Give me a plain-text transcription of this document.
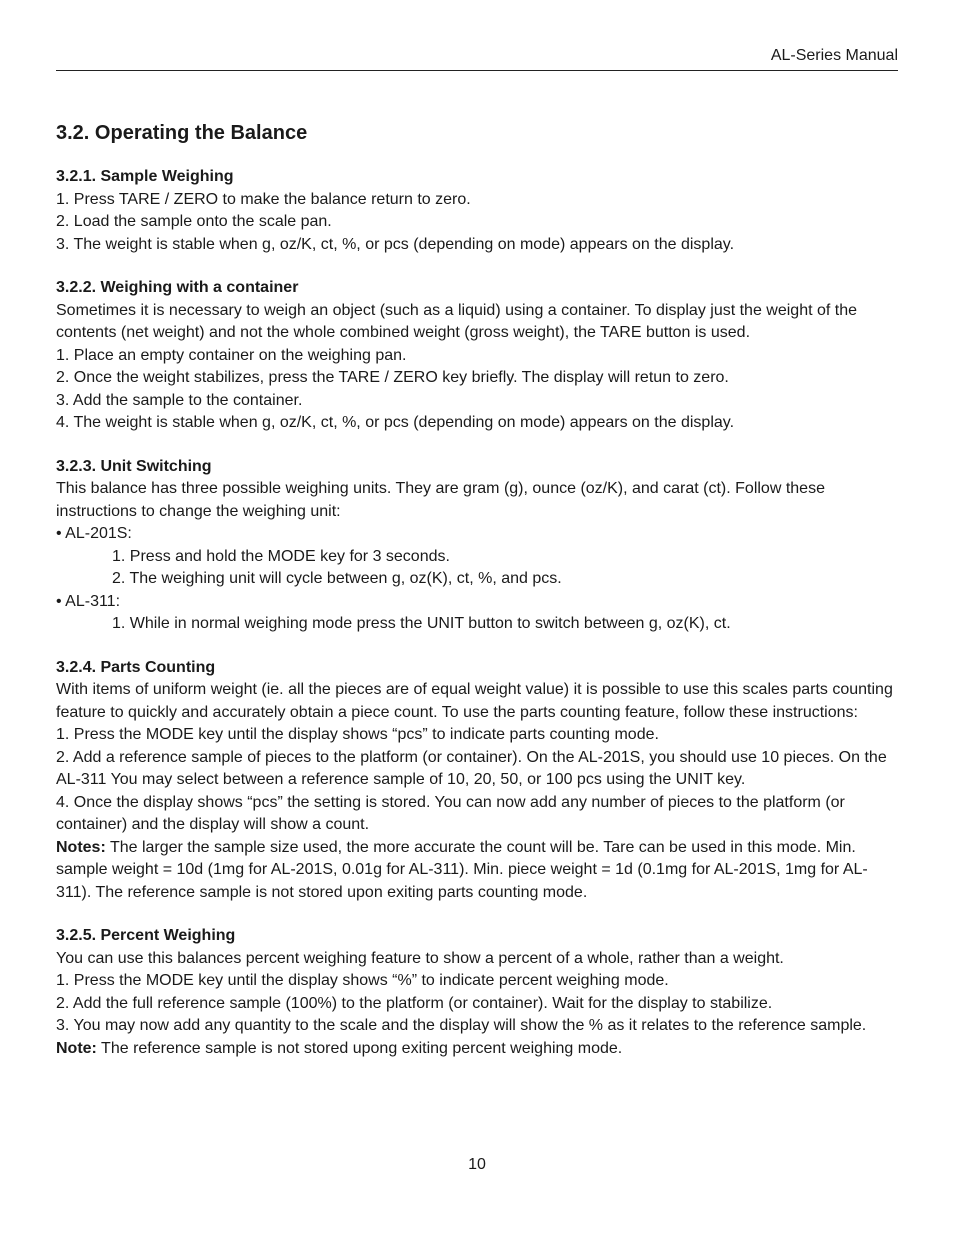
AL-Series Manual
3.2. Operating the Balance

3.2.1. Sample Weighing

1. Press TARE / ZERO to make the balance return to zero.

2. Load the sample onto the scale pan.

3. The weight is stable when g, oz/K, ct, %, or pcs (depending on mode) appears on the display.

3.2.2. Weighing with a container

Sometimes it is necessary to weigh an object (such as a liquid) using a container. To display just the weight of the contents (net weight) and not the whole combined weight (gross weight), the TARE button is used.

1. Place an empty container on the weighing pan.

2. Once the weight stabilizes, press the TARE / ZERO key briefly. The display will retun to zero.

3. Add the sample to the container.

4. The weight is stable when g, oz/K, ct, %, or pcs (depending on mode) appears on the display.

3.2.3. Unit Switching

This balance has three possible weighing units. They are gram (g), ounce (oz/K), and carat (ct). Follow these instructions to change the weighing unit:

• AL-201S:

1. Press and hold the MODE key for 3 seconds.

2. The weighing unit will cycle between g, oz(K), ct, %, and pcs.

• AL-311:

1. While in normal weighing mode press the UNIT button to switch between g, oz(K), ct.

3.2.4. Parts Counting

With items of uniform weight (ie. all the pieces are of equal weight value) it is possible to use this scales parts counting feature to quickly and accurately obtain a piece count. To use the parts counting feature, follow these instructions:

1. Press the MODE key until the display shows “pcs” to indicate parts counting mode.

2. Add a reference sample of pieces to the platform (or container). On the AL-201S, you should use 10 pieces. On the AL-311 You may select between a reference sample of 10, 20, 50, or 100 pcs using the UNIT key.

4. Once the display shows “pcs” the setting is stored. You can now add any number of pieces to the platform (or container) and the display will show a count.

Notes: The larger the sample size used, the more accurate the count will be. Tare can be used in this mode. Min. sample weight = 10d (1mg for AL-201S, 0.01g for AL-311). Min. piece weight = 1d (0.1mg for AL-201S, 1mg for AL-311). The reference sample is not stored upon exiting parts counting mode.

3.2.5. Percent Weighing

You can use this balances percent weighing feature to show a percent of a whole, rather than a weight.

1. Press the MODE key until the display shows “%” to indicate percent weighing mode.

2. Add the full reference sample (100%) to the platform (or container). Wait for the display to stabilize.

3. You may now add any quantity to the scale and the display will show the % as it relates to the reference sample.

Note: The reference sample is not stored upong exiting percent weighing mode.

10
